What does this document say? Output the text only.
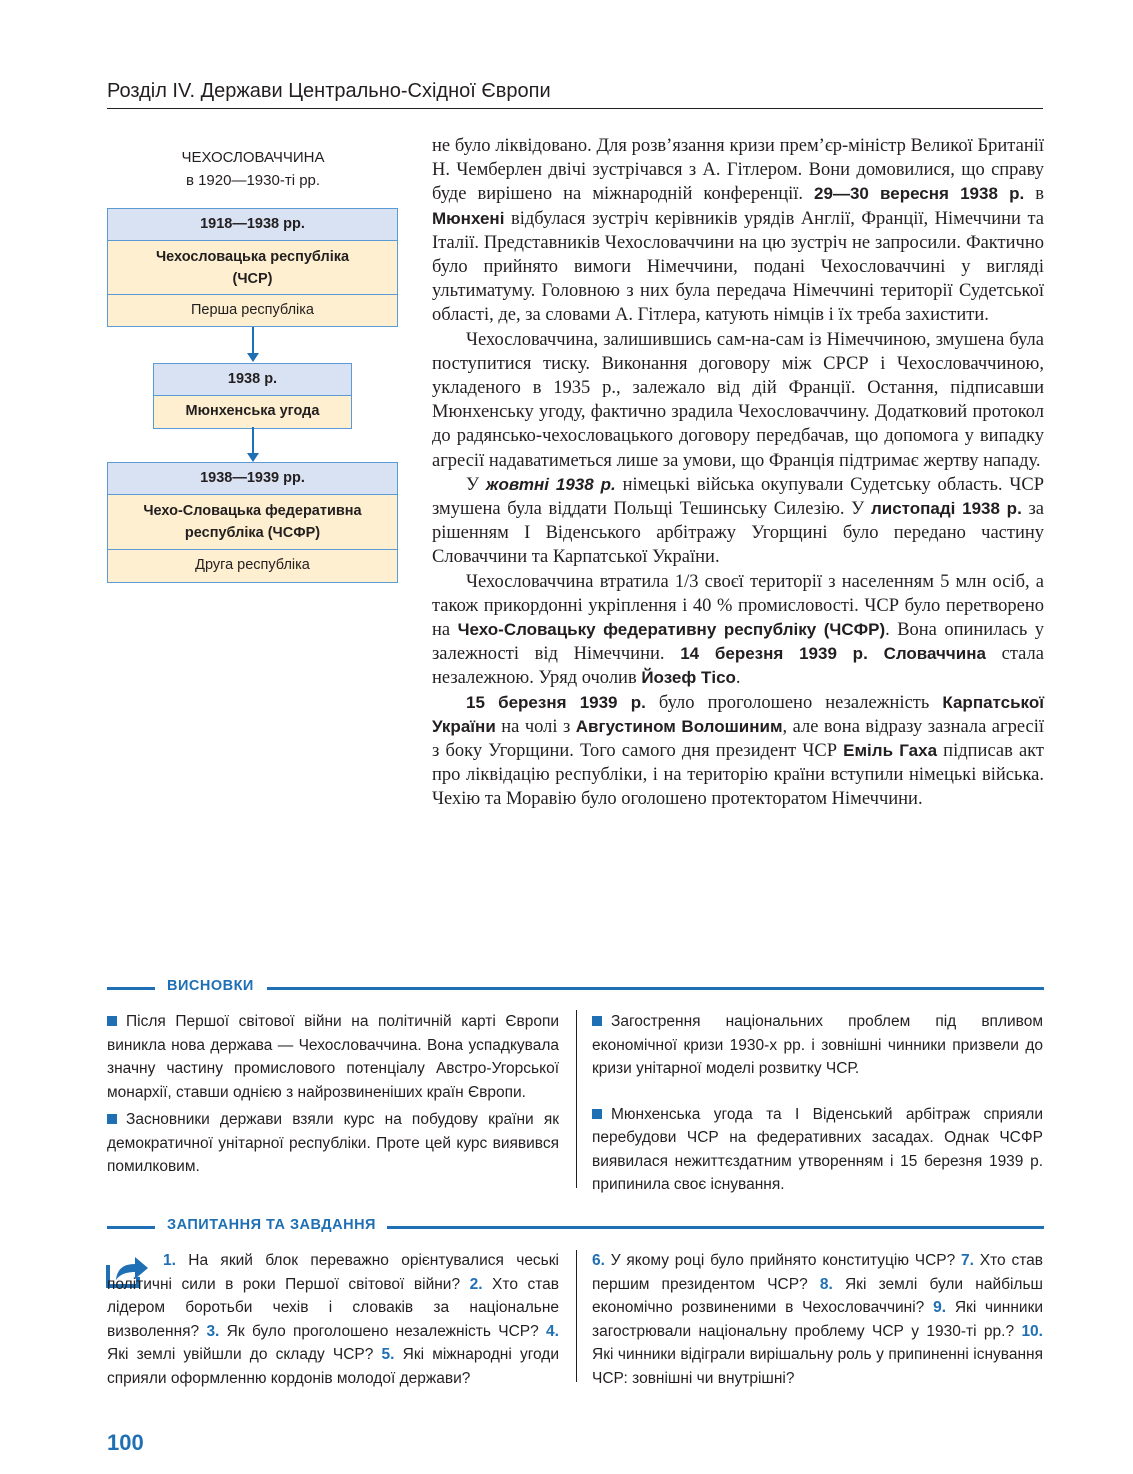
Розділ IV. Держави Центрально-Східної Європи
ЧЕХОСЛОВАЧЧИНА
в 1920—1930-ті рр.
1918—1938 рр.
Чехословацька республіка
(ЧСР)
Перша республіка
1938 р.
Мюнхенська угода
1938—1939 рр.
Чехо-Словацька федеративна
республіка (ЧСФР)
Друга республіка

не було ліквідовано. Для розв’язання кризи прем’єр-міністр Великої Британії Н. Чемберлен двічі зустрічався з А. Гітлером. Вони домовилися, що справу буде вирішено на міжнародній конференції. 29—30 вересня 1938 р. в Мюнхені відбулася зустріч керівників урядів Англії, Франції, Німеччини та Італії. Представників Чехословаччини на цю зустріч не запросили. Фактично було прийнято вимоги Німеччини, подані Чехословаччині у вигляді ультиматуму. Головною з них була передача Німеччині території Судетської області, де, за словами А. Гітлера, катують німців і їх треба захистити.

Чехословаччина, залишившись сам-на-сам із Німеччиною, змушена була поступитися тиску. Виконання договору між СРСР і Чехословаччиною, укладеного в 1935 р., залежало від дій Франції. Остання, підписавши Мюнхенську угоду, фактично зрадила Чехословаччину. Додатковий протокол до радянсько-чехословацького договору передбачав, що допомога у випадку агресії надаватиметься лише за умови, що Франція підтримає жертву нападу.

У жовтні 1938 р. німецькі війська окупували Судетську область. ЧСР змушена була віддати Польщі Тешинську Силезію. У листопаді 1938 р. за рішенням І Віденського арбітражу Угорщині було передано частину Словаччини та Карпатської України.

Чехословаччина втратила 1/3 своєї території з населенням 5 млн осіб, а також прикордонні укріплення і 40 % промисловості. ЧСР було перетворено на Чехо-Словацьку федеративну республіку (ЧСФР). Вона опинилась у залежності від Німеччини. 14 березня 1939 р. Словаччина стала незалежною. Уряд очолив Йозеф Тісо.

15 березня 1939 р. було проголошено незалежність Карпатської України на чолі з Августином Волошиним, але вона відразу зазнала агресії з боку Угорщини. Того самого дня президент ЧСР Еміль Гаха підписав акт про ліквідацію республіки, і на територію країни вступили німецькі війська. Чехію та Моравію було оголошено протекторатом Німеччини.

ВИСНОВКИ

Після Першої світової війни на політичній карті Європи виникла нова держава — Чехословаччина. Вона успадкувала значну частину промислового потенціалу Австро-Угорської монархії, ставши однією з найрозвиненіших країн Європи.

Засновники держави взяли курс на побудову країни як демократичної унітарної республіки. Проте цей курс виявився помилковим.

Загострення національних проблем під впливом економічної кризи 1930-х рр. і зовнішні чинники призвели до кризи унітарної моделі розвитку ЧСР.

Мюнхенська угода та І Віденський арбітраж сприяли перебудови ЧСР на федеративних засадах. Однак ЧСФР виявилася нежиттєздатним утворенням і 15 березня 1939 р. припинила своє існування.

ЗАПИТАННЯ ТА ЗАВДАННЯ
1. На який блок переважно орієнтувалися чеські політичні сили в роки Першої світової війни? 2. Хто став лідером боротьби чехів і словаків за національне визволення? 3. Як було проголошено незалежність ЧСР? 4. Які землі увійшли до складу ЧСР? 5. Які міжнародні угоди сприяли оформленню кордонів молодої держави?
6. У якому році було прийнято конституцію ЧСР? 7. Хто став першим президентом ЧСР? 8. Які землі були найбільш економічно розвиненими в Чехословаччині? 9. Які чинники загострювали національну проблему ЧСР у 1930-ті рр.? 10. Які чинники відіграли вирішальну роль у припиненні існування ЧСР: зовнішні чи внутрішні?
100
